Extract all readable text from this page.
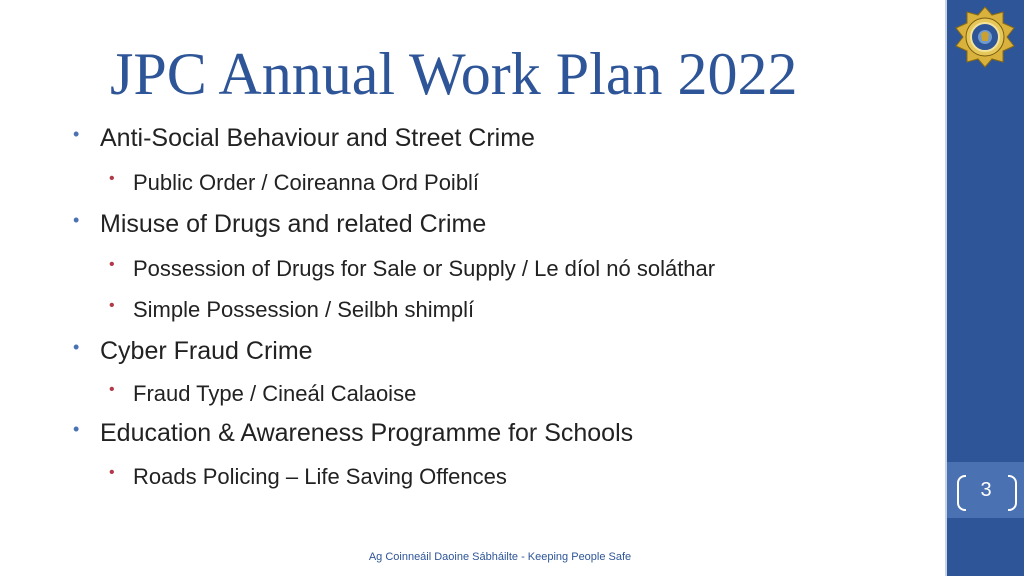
JPC Annual Work Plan 2022
• Anti-Social Behaviour and Street Crime
• Public Order / Coireanna Ord Poiblí
• Misuse of Drugs and related Crime
• Possession of Drugs for Sale or Supply / Le díol nó soláthar
• Simple Possession / Seilbh shimplí
• Cyber Fraud Crime
• Fraud Type / Cineál Calaoise
• Education & Awareness Programme for Schools
• Roads Policing – Life Saving Offences
Ag Coinneáil Daoine Sábháilte - Keeping People Safe
3
